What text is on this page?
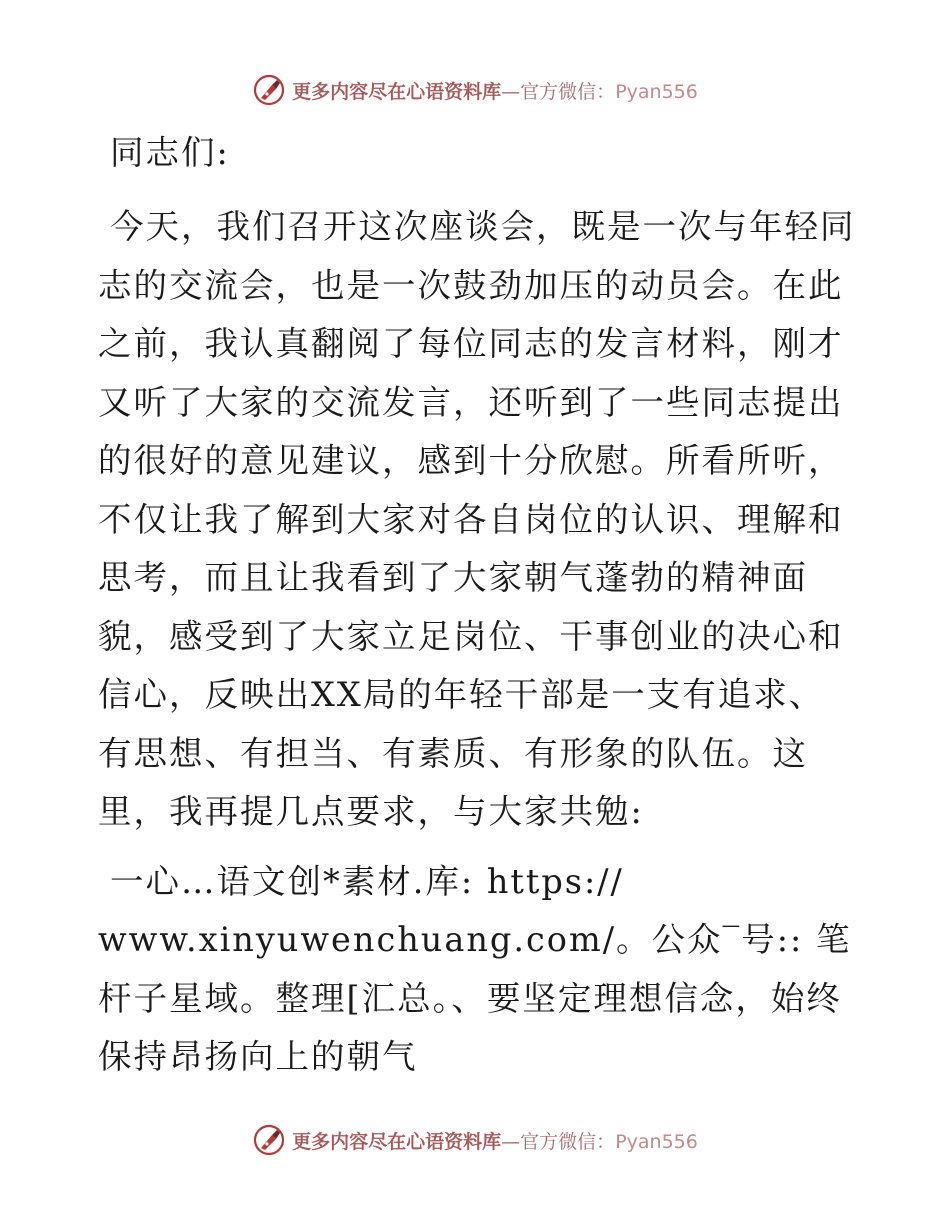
更多内容尽在心语资料库—官方微信：Pyan556
同志们:

今天，我们召开这次座谈会，既是一次与年轻同志的交流会，也是一次鼓劲加压的动员会。在此之前，我认真翻阅了每位同志的发言材料，刚才又听了大家的交流发言，还听到了一些同志提出的很好的意见建议，感到十分欣慰。所看所听，不仅让我了解到大家对各自岗位的认识、理解和思考，而且让我看到了大家朝气蓬勃的精神面貌，感受到了大家立足岗位、干事创业的决心和信心，反映出XX局的年轻干部是一支有追求、有思想、有担当、有素质、有形象的队伍。这里，我再提几点要求，与大家共勉:

一心…语文创*素材.库: https://

www.xinyuwenchuang.com/。公众‾号:: 笔杆子星域。整理[汇总。、要坚定理想信念，始终保持昂扬向上的朝气

更多内容尽在心语资料库—官方微信：Pyan556
